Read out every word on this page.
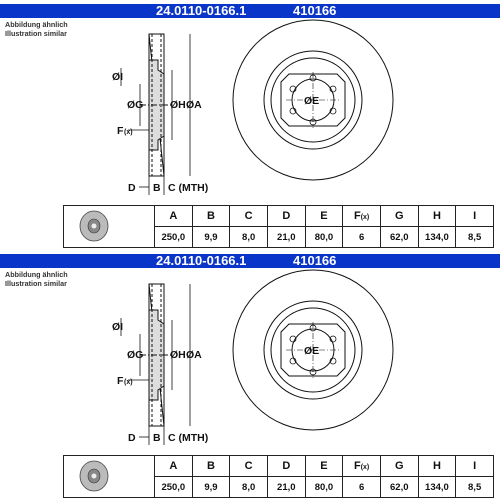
24.0110-0166.1	410166
Abbildung ähnlich
Illustration similar
ØI
ØG	ØH ØA
F (x)
D B C (MTH)
ØE
	A	B	C	D	E	F(x)	G	H	I
	250,0	9,9	8,0	21,0	80,0	6	62,0	134,0	8,5
24.0110-0166.1	410166
Abbildung ähnlich
Illustration similar
ØI
ØG	ØH ØA
F (x)
D B C (MTH)
ØE
	A	B	C	D	E	F(x)	G	H	I
	250,0	9,9	8,0	21,0	80,0	6	62,0	134,0	8,5
